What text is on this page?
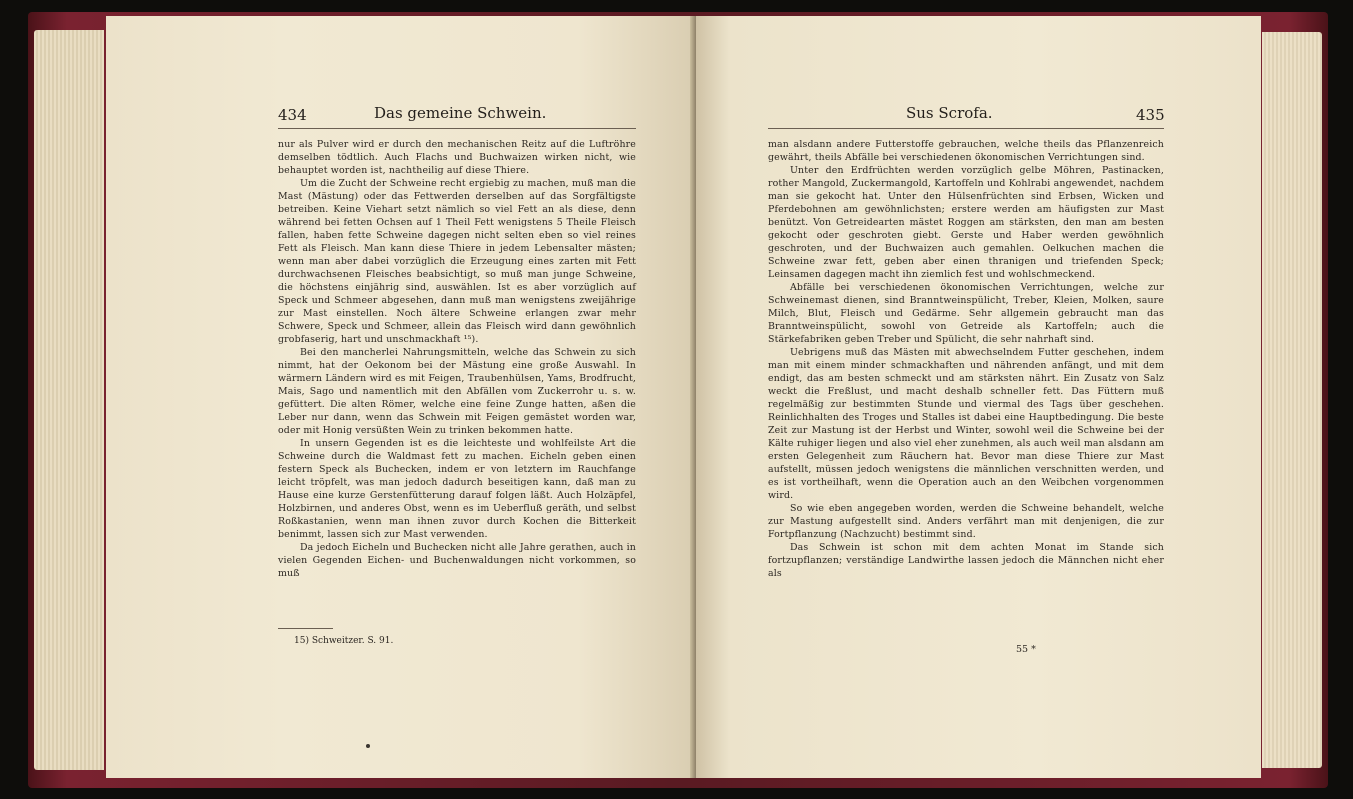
434	Das gemeine Schwein.

nur als Pulver wird er durch den mechanischen Reitz auf die Luftröhre demselben tödtlich. Auch Flachs und Buchwaizen wirken nicht, wie behauptet worden ist, nachtheilig auf diese Thiere.

Um die Zucht der Schweine recht ergiebig zu machen, muß man die Mast (Mästung) oder das Fettwerden derselben auf das Sorgfältigste betreiben. Keine Viehart setzt nämlich so viel Fett an als diese, denn während bei fetten Ochsen auf 1 Theil Fett wenigstens 5 Theile Fleisch fallen, haben fette Schweine dagegen nicht selten eben so viel reines Fett als Fleisch. Man kann diese Thiere in jedem Lebensalter mästen; wenn man aber dabei vorzüglich die Erzeugung eines zarten mit Fett durchwachsenen Fleisches beabsichtigt, so muß man junge Schweine, die höchstens einjährig sind, auswählen. Ist es aber vorzüglich auf Speck und Schmeer abgesehen, dann muß man wenigstens zweijährige zur Mast einstellen. Noch ältere Schweine erlangen zwar mehr Schwere, Speck und Schmeer, allein das Fleisch wird dann gewöhnlich grobfaserig, hart und unschmackhaft ¹⁵).

Bei den mancherlei Nahrungsmitteln, welche das Schwein zu sich nimmt, hat der Oekonom bei der Mästung eine große Auswahl. In wärmern Ländern wird es mit Feigen, Traubenhülsen, Yams, Brodfrucht, Mais, Sago und namentlich mit den Abfällen vom Zuckerrohr u. s. w. gefüttert. Die alten Römer, welche eine feine Zunge hatten, aßen die Leber nur dann, wenn das Schwein mit Feigen gemästet worden war, oder mit Honig versüßten Wein zu trinken bekommen hatte.

In unsern Gegenden ist es die leichteste und wohlfeilste Art die Schweine durch die Waldmast fett zu machen. Eicheln geben einen festern Speck als Buchecken, indem er von letztern im Rauchfange leicht tröpfelt, was man jedoch dadurch beseitigen kann, daß man zu Hause eine kurze Gerstenfütterung darauf folgen läßt. Auch Holzäpfel, Holzbirnen, und anderes Obst, wenn es im Ueberfluß geräth, und selbst Roßkastanien, wenn man ihnen zuvor durch Kochen die Bitterkeit benimmt, lassen sich zur Mast verwenden.

Da jedoch Eicheln und Buchecken nicht alle Jahre gerathen, auch in vielen Gegenden Eichen- und Buchenwaldungen nicht vorkommen, so muß

15) Schweitzer. S. 91.
Sus Scrofa.	435

man alsdann andere Futterstoffe gebrauchen, welche theils das Pflanzenreich gewährt, theils Abfälle bei verschiedenen ökonomischen Verrichtungen sind.

Unter den Erdfrüchten werden vorzüglich gelbe Möhren, Pastinacken, rother Mangold, Zuckermangold, Kartoffeln und Kohlrabi angewendet, nachdem man sie gekocht hat. Unter den Hülsenfrüchten sind Erbsen, Wicken und Pferdebohnen am gewöhnlichsten; erstere werden am häufigsten zur Mast benützt. Von Getreidearten mästet Roggen am stärksten, den man am besten gekocht oder geschroten giebt. Gerste und Haber werden gewöhnlich geschroten, und der Buchwaizen auch gemahlen. Oelkuchen machen die Schweine zwar fett, geben aber einen thranigen und triefenden Speck; Leinsamen dagegen macht ihn ziemlich fest und wohlschmeckend.

Abfälle bei verschiedenen ökonomischen Verrichtungen, welche zur Schweinemast dienen, sind Branntweinspülicht, Treber, Kleien, Molken, saure Milch, Blut, Fleisch und Gedärme. Sehr allgemein gebraucht man das Branntweinspülicht, sowohl von Getreide als Kartoffeln; auch die Stärkefabriken geben Treber und Spülicht, die sehr nahrhaft sind.

Uebrigens muß das Mästen mit abwechselndem Futter geschehen, indem man mit einem minder schmackhaften und nährenden anfängt, und mit dem endigt, das am besten schmeckt und am stärksten nährt. Ein Zusatz von Salz weckt die Freßlust, und macht deshalb schneller fett. Das Füttern muß regelmäßig zur bestimmten Stunde und viermal des Tags über geschehen. Reinlichhalten des Troges und Stalles ist dabei eine Hauptbedingung. Die beste Zeit zur Mastung ist der Herbst und Winter, sowohl weil die Schweine bei der Kälte ruhiger liegen und also viel eher zunehmen, als auch weil man alsdann am ersten Gelegenheit zum Räuchern hat. Bevor man diese Thiere zur Mast aufstellt, müssen jedoch wenigstens die männlichen verschnitten werden, und es ist vortheilhaft, wenn die Operation auch an den Weibchen vorgenommen wird.

So wie eben angegeben worden, werden die Schweine behandelt, welche zur Mastung aufgestellt sind. Anders verfährt man mit denjenigen, die zur Fortpflanzung (Nachzucht) bestimmt sind.

Das Schwein ist schon mit dem achten Monat im Stande sich fortzupflanzen; verständige Landwirthe lassen jedoch die Männchen nicht eher als

55 *
